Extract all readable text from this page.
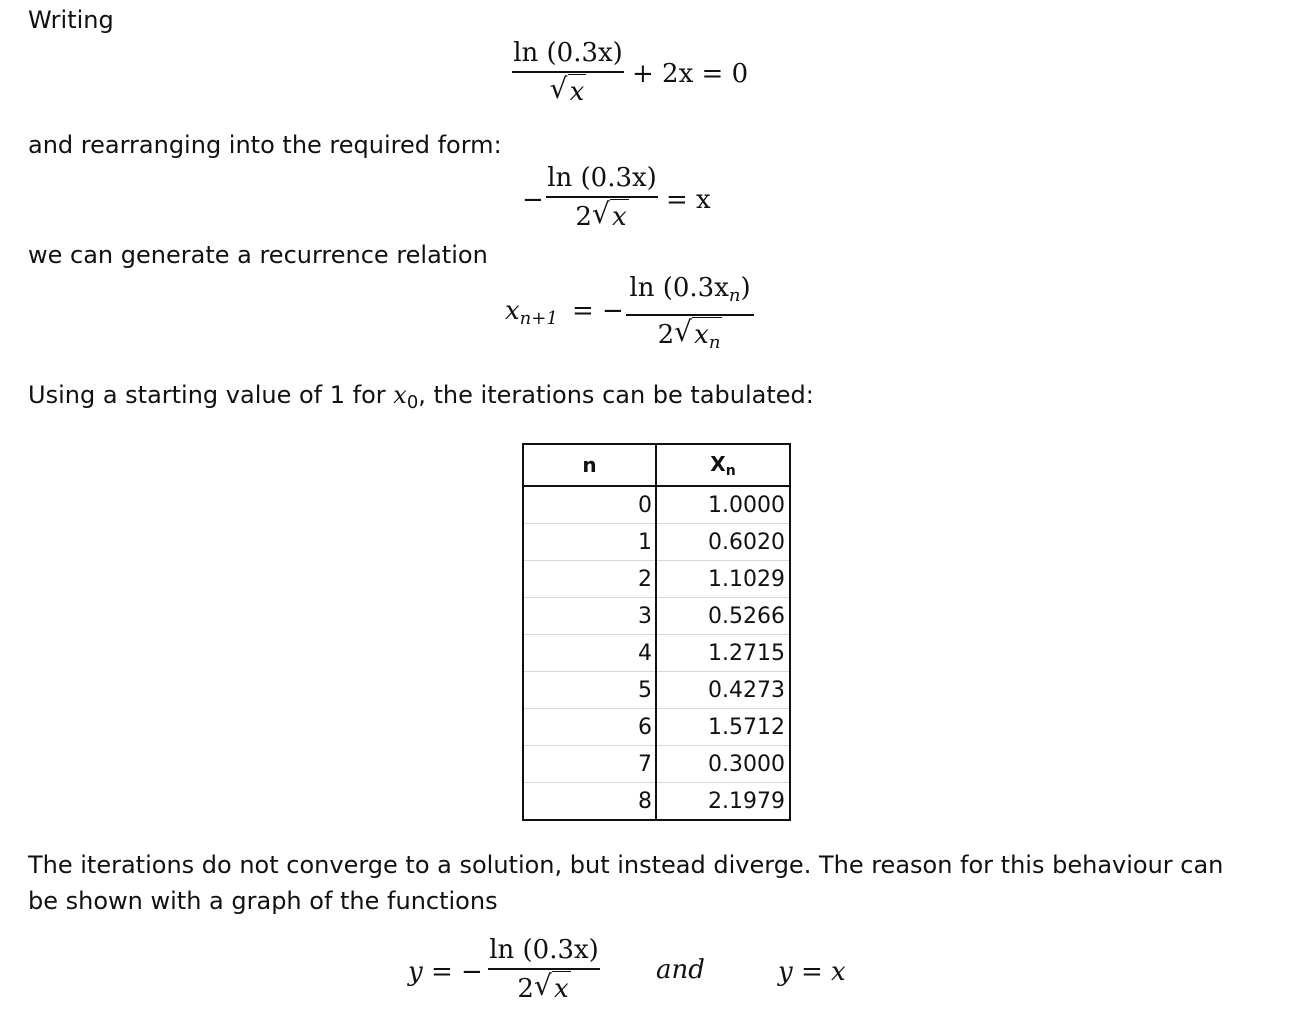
Writing
ln (0.3x)
√ x
+ 2x = 0
and rearranging into the required form:
−
ln (0.3x)
2 √ x
= x
we can generate a recurrence relation
$x_{n+1}$ = −
$\ln (0.3x_n)$
2 √ $x_n$
Using a starting value of 1 for $x_0$, the iterations can be tabulated:
n	$X_n$
0	1.0000
1	0.6020
2	1.1029
3	0.5266
4	1.2715
5	0.4273
6	1.5712
7	0.3000
8	2.1979
The iterations do not converge to a solution, but instead diverge. The reason for this behaviour can
be shown with a graph of the functions
y = −
ln (0.3x)
2 √ x
and	y = x
